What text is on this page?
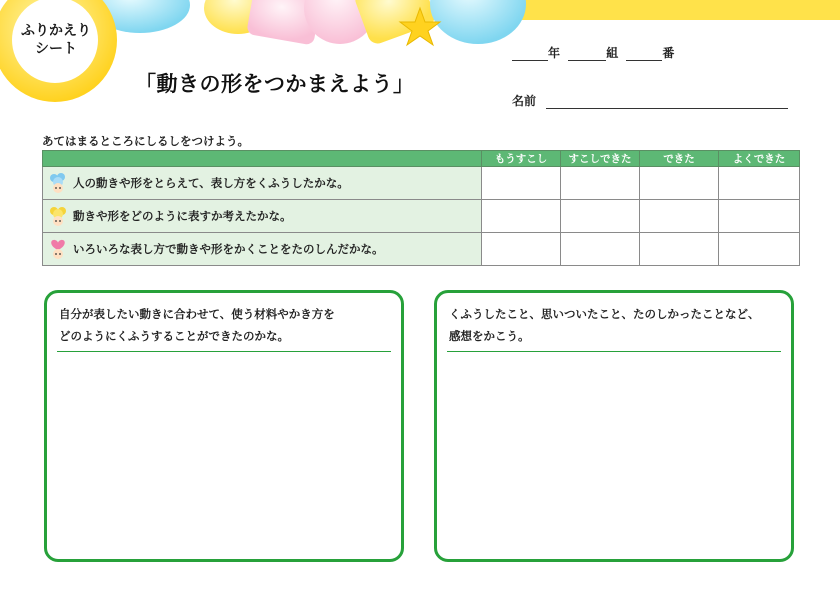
ふりかえり
シート
「動きの形をつかまえよう」
年	組	番
名前
あてはまるところにしるしをつけよう。
	もうすこし	すこしできた	できた	よくできた

人の動きや形をとらえて、表し方をくふうしたかな。				

動きや形をどのように表すか考えたかな。				

いろいろな表し方で動きや形をかくことをたのしんだかな。				

自分が表したい動きに合わせて、使う材料やかき方を
どのようにくふうすることができたのかな。
くふうしたこと、思いついたこと、たのしかったことなど、
感想をかこう。
